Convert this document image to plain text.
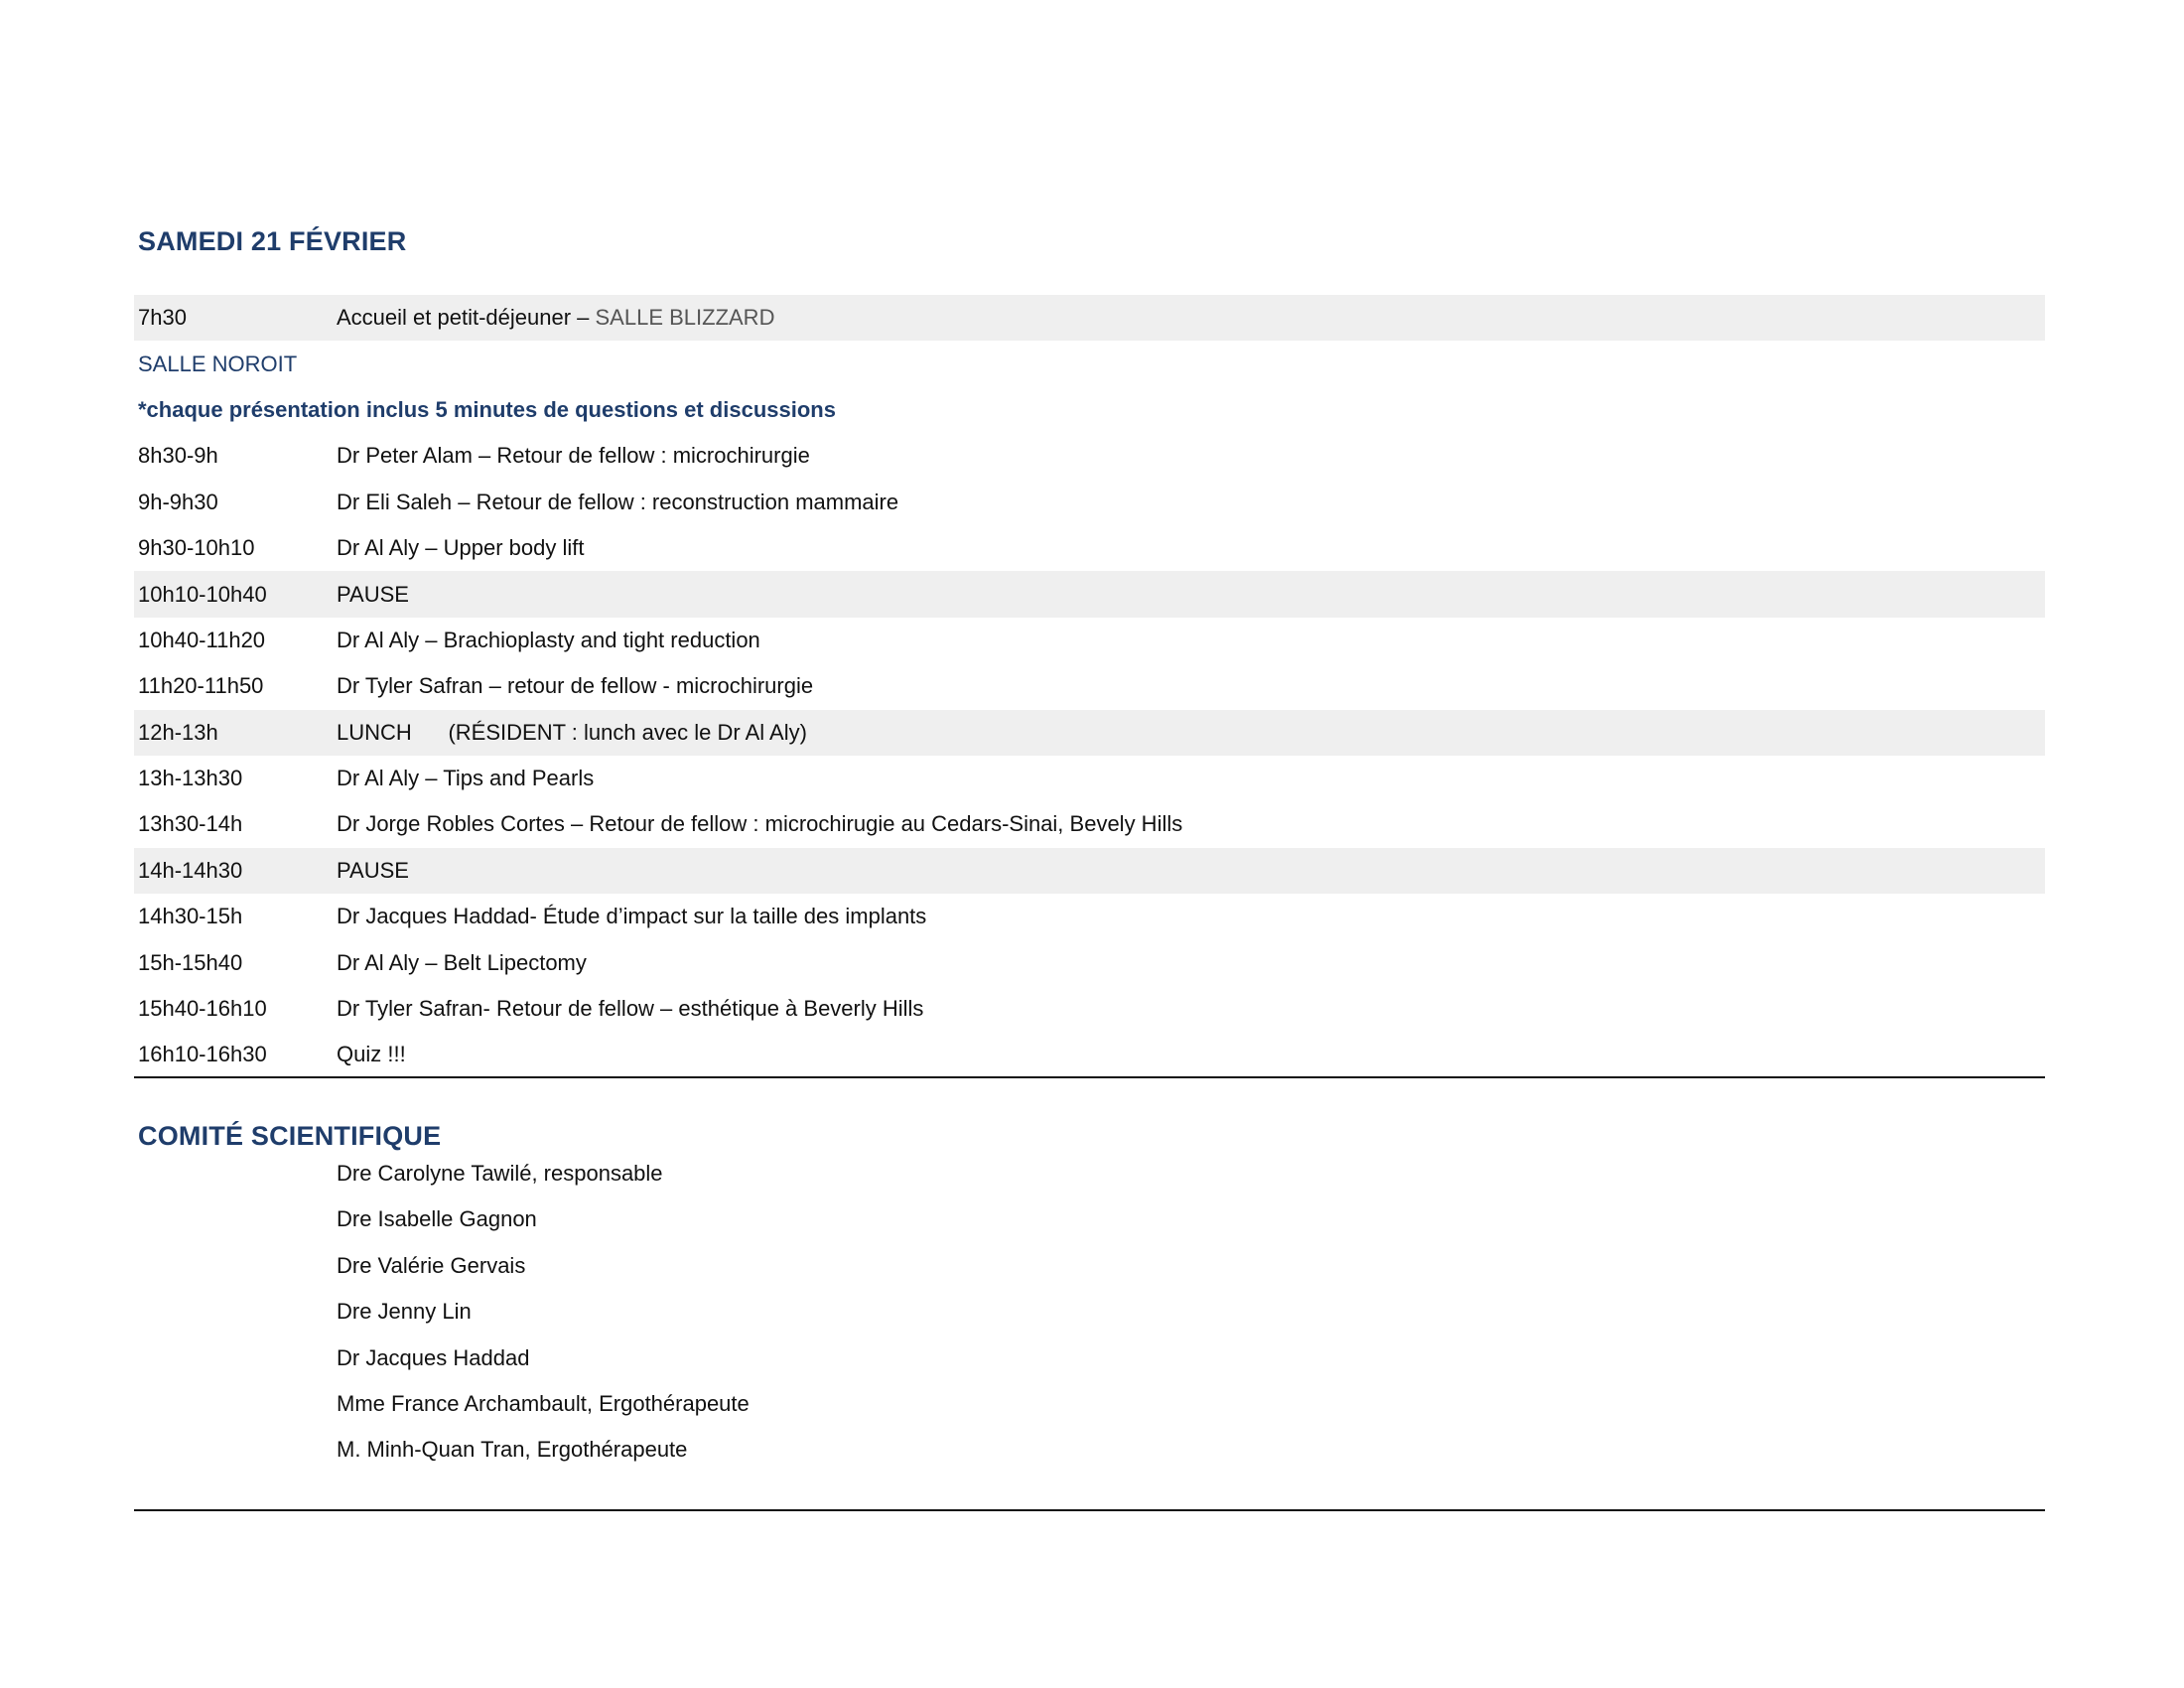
SAMEDI 21 FÉVRIER
7h30	Accueil et petit-déjeuner – SALLE BLIZZARD
SALLE NOROIT
*chaque présentation inclus 5 minutes de questions et discussions
8h30-9h	Dr Peter Alam – Retour de fellow : microchirurgie
9h-9h30	Dr Eli Saleh – Retour de fellow : reconstruction mammaire
9h30-10h10	Dr Al Aly – Upper body lift
10h10-10h40	PAUSE
10h40-11h20	Dr Al Aly – Brachioplasty and tight reduction
11h20-11h50	Dr Tyler Safran – retour de fellow - microchirurgie
12h-13h	LUNCH      (RÉSIDENT : lunch avec le Dr Al Aly)
13h-13h30	Dr Al Aly – Tips and Pearls
13h30-14h	Dr Jorge Robles Cortes – Retour de fellow : microchirugie au Cedars-Sinai, Bevely Hills
14h-14h30	PAUSE
14h30-15h	Dr Jacques Haddad- Étude d’impact sur la taille des implants
15h-15h40	Dr Al Aly – Belt Lipectomy
15h40-16h10	Dr Tyler Safran- Retour de fellow – esthétique à Beverly Hills
16h10-16h30	Quiz !!!
COMITÉ SCIENTIFIQUE
Dre Carolyne Tawilé, responsable
Dre Isabelle Gagnon
Dre Valérie Gervais
Dre Jenny Lin
Dr Jacques Haddad
Mme France Archambault, Ergothérapeute
M. Minh-Quan Tran, Ergothérapeute
